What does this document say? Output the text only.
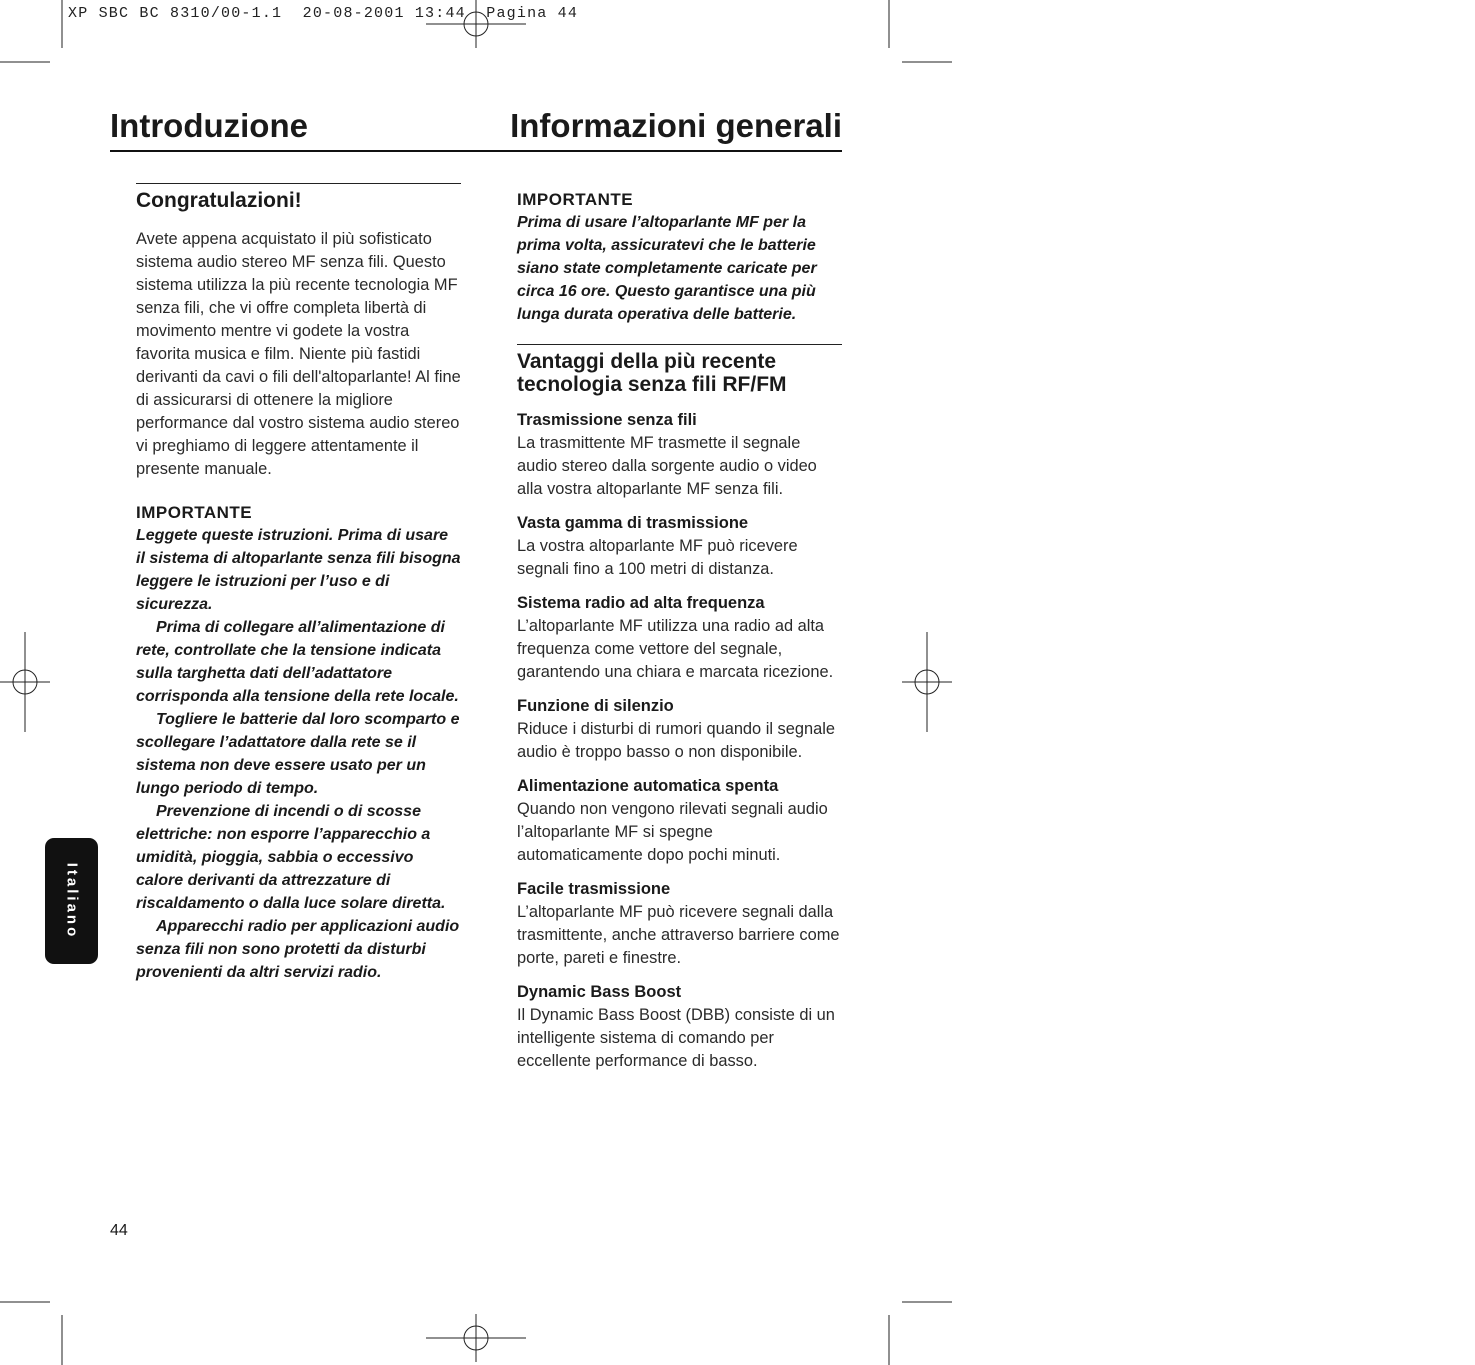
XP SBC BC 8310/00-1.1  20-08-2001 13:44  Pagina 44
Introduzione	Informazioni generali
Congratulazioni!
Avete appena acquistato il più sofisticato sistema audio stereo MF senza fili. Questo sistema utilizza la più recente tecnologia MF senza fili, che vi offre completa libertà di movimento mentre vi godete la vostra favorita musica e film. Niente più fastidi derivanti da cavi o fili dell'altoparlante! Al fine di assicurarsi di ottenere la migliore performance dal vostro sistema audio stereo vi preghiamo di leggere attentamente il presente manuale.
IMPORTANTE
Leggete queste istruzioni. Prima di usare il sistema di altoparlante senza fili bisogna leggere le istruzioni per l’uso e di sicurezza.
Prima di collegare all’alimentazione di rete, controllate che la tensione indicata sulla targhetta dati dell’adattatore corrisponda alla tensione della rete locale.
Togliere le batterie dal loro scomparto e scollegare l’adattatore dalla rete se il sistema non deve essere usato per un lungo periodo di tempo.
Prevenzione di incendi o di scosse elettriche: non esporre l’apparecchio a umidità, pioggia, sabbia o eccessivo calore derivanti da attrezzature di riscaldamento o dalla luce solare diretta.
Apparecchi radio per applicazioni audio senza fili non sono protetti da disturbi provenienti da altri servizi radio.
IMPORTANTE
Prima di usare l’altoparlante MF per la prima volta, assicuratevi che le batterie siano state completamente caricate per circa 16 ore. Questo garantisce una più lunga durata operativa delle batterie.
Vantaggi della più recente tecnologia senza fili RF/FM
Trasmissione senza fili
La trasmittente MF trasmette il segnale audio stereo dalla sorgente audio o video alla vostra altoparlante MF senza fili.
Vasta gamma di trasmissione
La vostra altoparlante MF può ricevere segnali fino a 100 metri di distanza.
Sistema radio ad alta frequenza
L’altoparlante MF utilizza una radio ad alta frequenza come vettore del segnale, garantendo una chiara e marcata ricezione.
Funzione di silenzio
Riduce i disturbi di rumori quando il segnale audio è troppo basso o non disponibile.
Alimentazione automatica spenta
Quando non vengono rilevati segnali audio l’altoparlante MF si spegne automaticamente dopo pochi minuti.
Facile trasmissione
L’altoparlante MF può ricevere segnali dalla trasmittente, anche attraverso barriere come porte, pareti e finestre.
Dynamic Bass Boost
Il Dynamic Bass Boost (DBB) consiste di un intelligente sistema di comando per eccellente performance di basso.
Italiano
44
